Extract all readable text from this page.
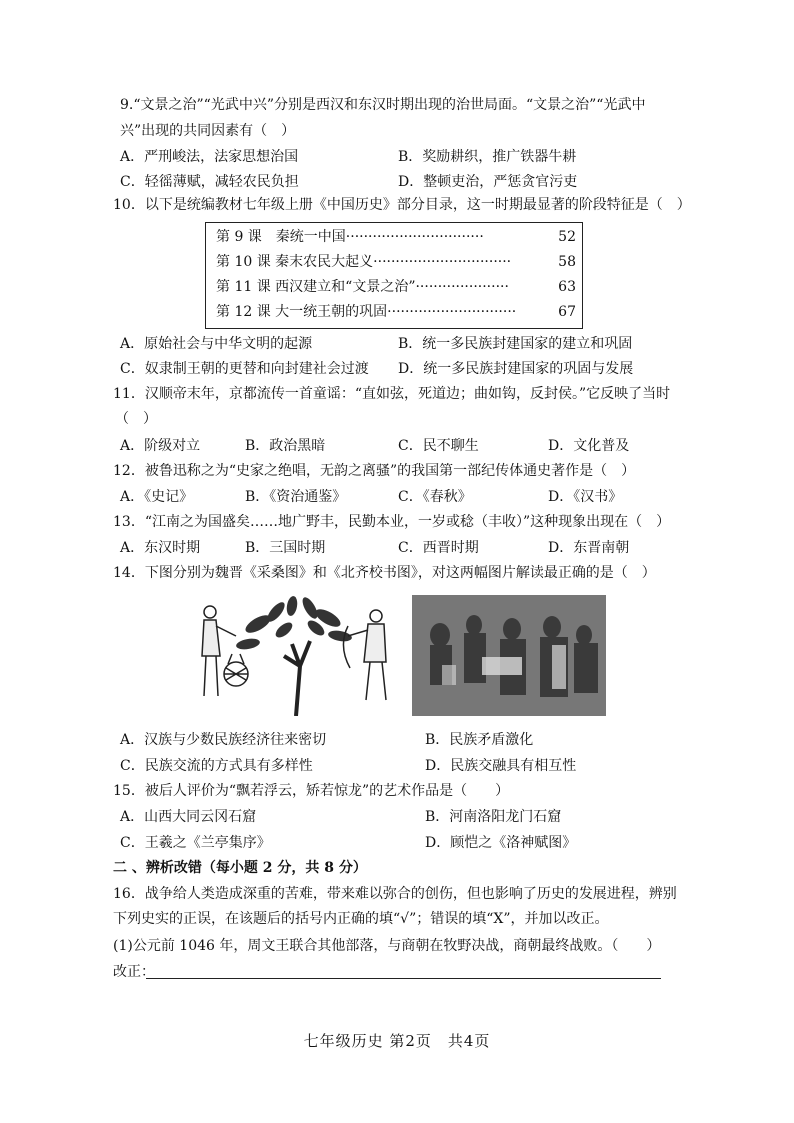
9.“文景之治”“光武中兴”分别是西汉和东汉时期出现的治世局面。“文景之治”“光武中
兴”出现的共同因素有（　）
A．严刑峻法，法家思想治国	B．奖励耕织，推广铁器牛耕
C．轻徭薄赋，减轻农民负担	D．整顿吏治，严惩贪官污吏
10．以下是统编教材七年级上册《中国历史》部分目录，这一时期最显著的阶段特征是（　）
第 9 课　秦统一中国·······························	52
第 10 课 秦末农民大起义·······························	58
第 11 课 西汉建立和“文景之治”·····················	63
第 12 课 大一统王朝的巩固·····························	67
A．原始社会与中华文明的起源	B．统一多民族封建国家的建立和巩固
C．奴隶制王朝的更替和向封建社会过渡 D．统一多民族封建国家的巩固与发展
11．汉顺帝末年，京都流传一首童谣：“直如弦，死道边；曲如钩，反封侯。”它反映了当时
（　）
A．阶级对立	B．政治黑暗	C．民不聊生	D．文化普及
12．被鲁迅称之为“史家之绝唱，无韵之离骚”的我国第一部纪传体通史著作是（　）
A．《史记》	B．《资治通鉴》	C．《春秋》	D．《汉书》
13．“江南之为国盛矣……地广野丰，民勤本业，一岁或稔（丰收）”这种现象出现在（　）
A．东汉时期	B．三国时期	C．西晋时期	D．东晋南朝
14．下图分别为魏晋《采桑图》和《北齐校书图》，对这两幅图片解读最正确的是（　）
A．汉族与少数民族经济往来密切	B．民族矛盾激化
C．民族交流的方式具有多样性	D．民族交融具有相互性
15．被后人评价为“飘若浮云，矫若惊龙”的艺术作品是（　　）
A．山西大同云冈石窟	B．河南洛阳龙门石窟
C．王羲之《兰亭集序》	D．顾恺之《洛神赋图》
二 、辨析改错（每小题 2 分，共 8 分）
16．战争给人类造成深重的苦难，带来难以弥合的创伤，但也影响了历史的发展进程，辨别
下列史实的正误，在该题后的括号内正确的填“√”；错误的填“X”，并加以改正。
(1)公元前 1046 年，周文王联合其他部落，与商朝在牧野决战，商朝最终战败。（　　）
改正：
七年级历史 第2页　共4页
